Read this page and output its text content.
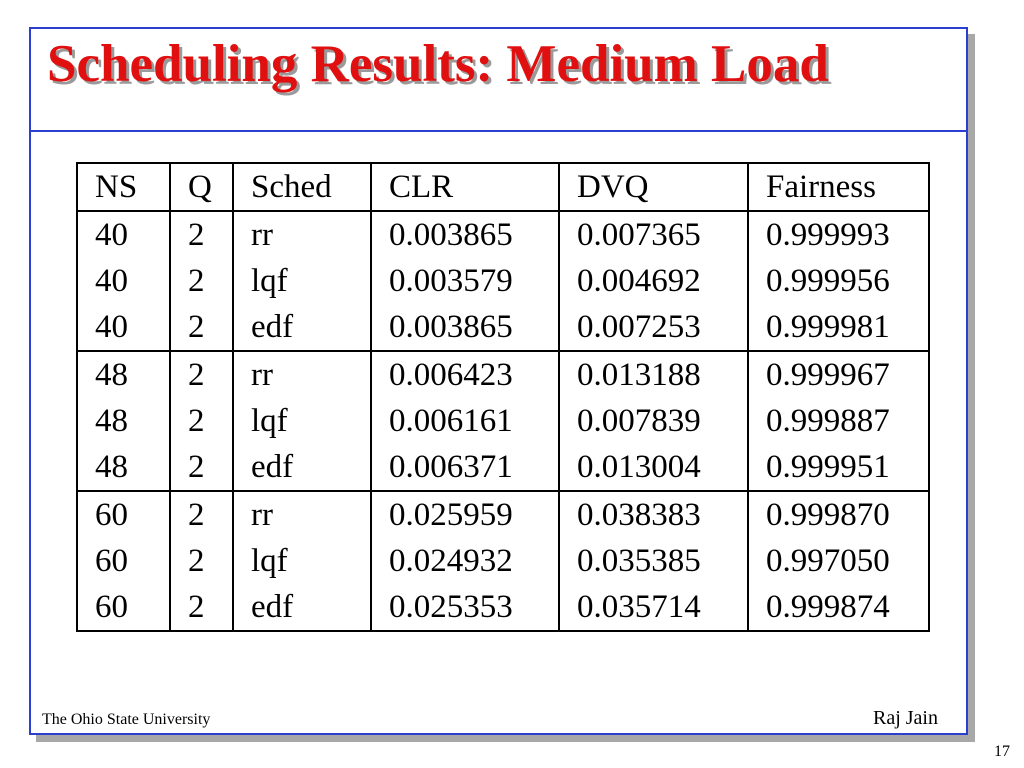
Scheduling Results: Medium Load
NS	Q	Sched	CLR	DVQ	Fairness
40	2	rr	0.003865	0.007365	0.999993
40	2	lqf	0.003579	0.004692	0.999956
40	2	edf	0.003865	0.007253	0.999981
48	2	rr	0.006423	0.013188	0.999967
48	2	lqf	0.006161	0.007839	0.999887
48	2	edf	0.006371	0.013004	0.999951
60	2	rr	0.025959	0.038383	0.999870
60	2	lqf	0.024932	0.035385	0.997050
60	2	edf	0.025353	0.035714	0.999874
The Ohio State University	Raj Jain
17
